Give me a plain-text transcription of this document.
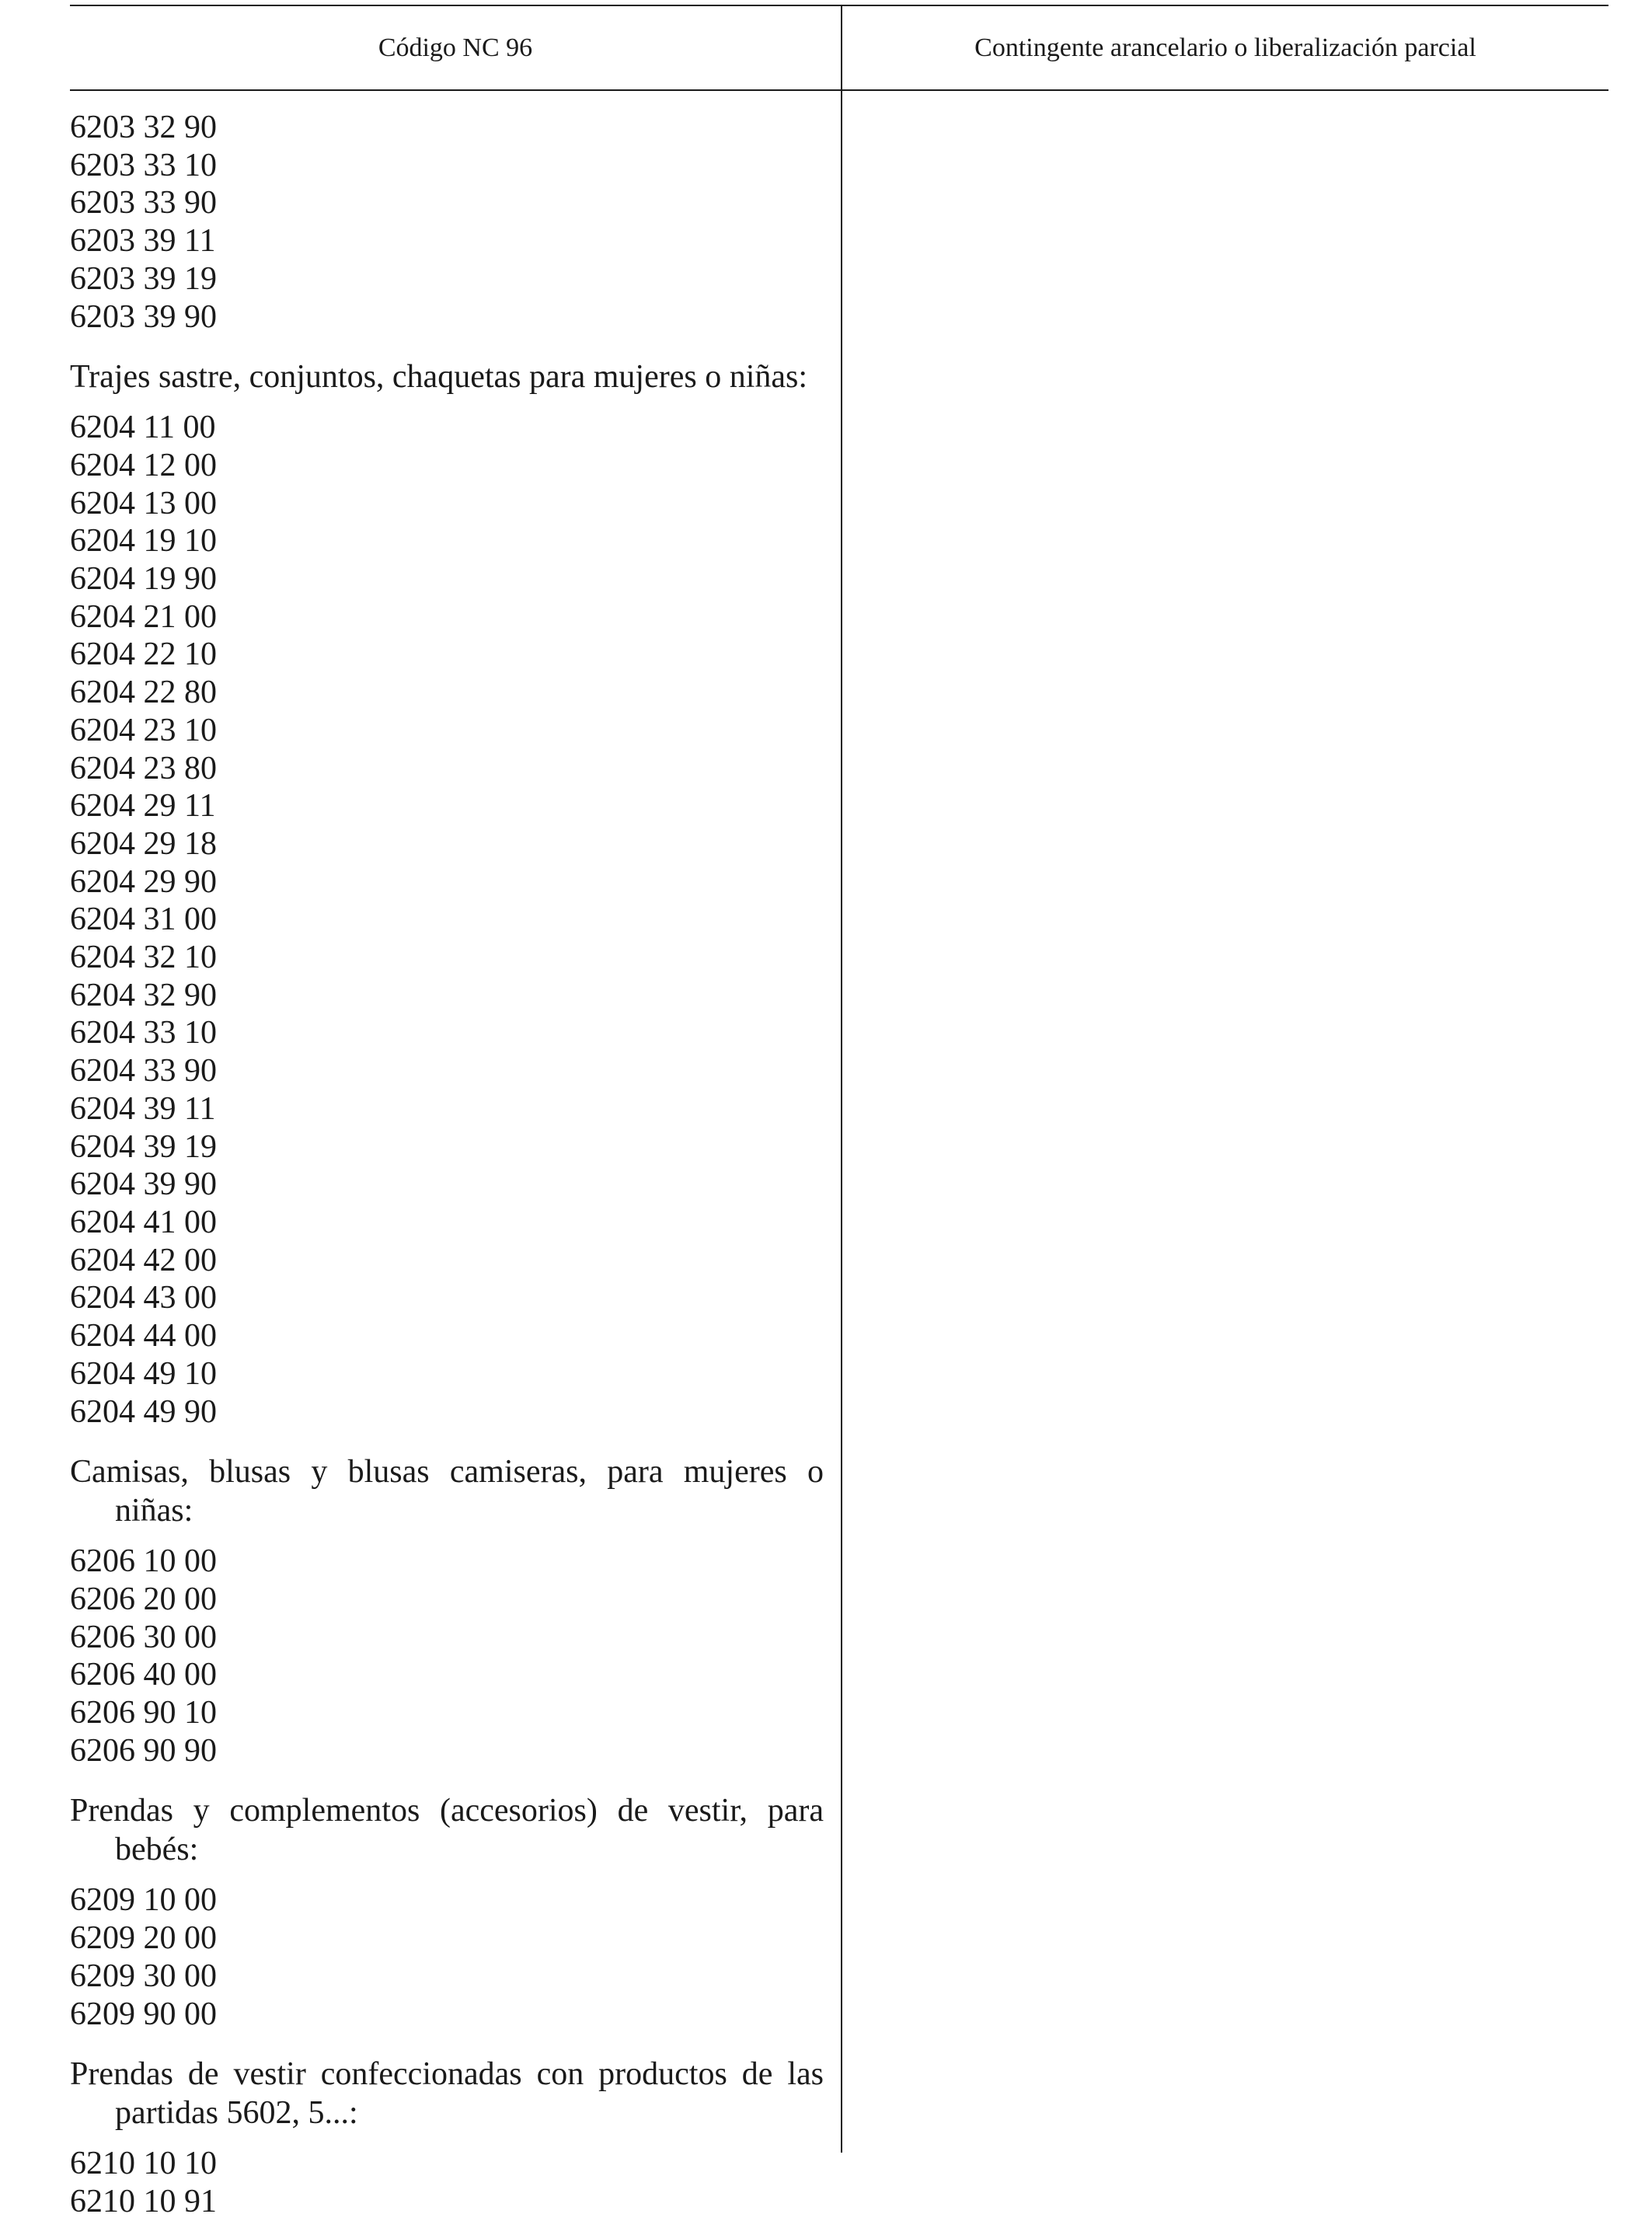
Código NC 96	Contingente arancelario o liberalización parcial
6203 32 90
6203 33 10
6203 33 90
6203 39 11
6203 39 19
6203 39 90
Trajes sastre, conjuntos, chaquetas para mujeres o niñas:
6204 11 00
6204 12 00
6204 13 00
6204 19 10
6204 19 90
6204 21 00
6204 22 10
6204 22 80
6204 23 10
6204 23 80
6204 29 11
6204 29 18
6204 29 90
6204 31 00
6204 32 10
6204 32 90
6204 33 10
6204 33 90
6204 39 11
6204 39 19
6204 39 90
6204 41 00
6204 42 00
6204 43 00
6204 44 00
6204 49 10
6204 49 90
Camisas, blusas y blusas camiseras, para mujeres o niñas:
6206 10 00
6206 20 00
6206 30 00
6206 40 00
6206 90 10
6206 90 90
Prendas y complementos (accesorios) de vestir, para bebés:
6209 10 00
6209 20 00
6209 30 00
6209 90 00
Prendas de vestir confeccionadas con productos de las partidas 5602, 5...:
6210 10 10
6210 10 91
